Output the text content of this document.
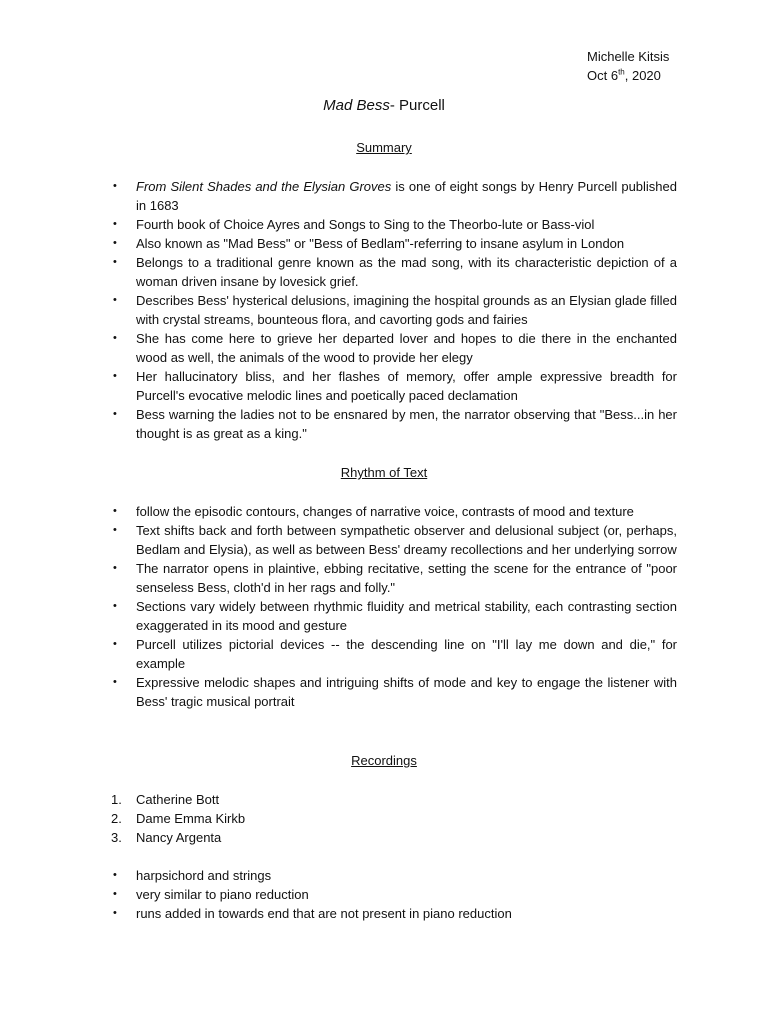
Michelle Kitsis
Oct 6th, 2020
Mad Bess- Purcell
Summary
• From Silent Shades and the Elysian Groves is one of eight songs by Henry Purcell published in 1683
• Fourth book of Choice Ayres and Songs to Sing to the Theorbo-lute or Bass-viol
• Also known as "Mad Bess" or "Bess of Bedlam"-referring to insane asylum in London
• Belongs to a traditional genre known as the mad song, with its characteristic depiction of a woman driven insane by lovesick grief.
• Describes Bess' hysterical delusions, imagining the hospital grounds as an Elysian glade filled with crystal streams, bounteous flora, and cavorting gods and fairies
• She has come here to grieve her departed lover and hopes to die there in the enchanted wood as well, the animals of the wood to provide her elegy
• Her hallucinatory bliss, and her flashes of memory, offer ample expressive breadth for Purcell's evocative melodic lines and poetically paced declamation
• Bess warning the ladies not to be ensnared by men, the narrator observing that "Bess...in her thought is as great as a king."
Rhythm of Text
• follow the episodic contours, changes of narrative voice, contrasts of mood and texture
• Text shifts back and forth between sympathetic observer and delusional subject (or, perhaps, Bedlam and Elysia), as well as between Bess' dreamy recollections and her underlying sorrow
• The narrator opens in plaintive, ebbing recitative, setting the scene for the entrance of "poor senseless Bess, cloth'd in her rags and folly."
• Sections vary widely between rhythmic fluidity and metrical stability, each contrasting section exaggerated in its mood and gesture
• Purcell utilizes pictorial devices -- the descending line on "I'll lay me down and die," for example
• Expressive melodic shapes and intriguing shifts of mode and key to engage the listener with Bess' tragic musical portrait
Recordings
1. Catherine Bott
2. Dame Emma Kirkb
3. Nancy Argenta
• harpsichord and strings
• very similar to piano reduction
• runs added in towards end that are not present in piano reduction
